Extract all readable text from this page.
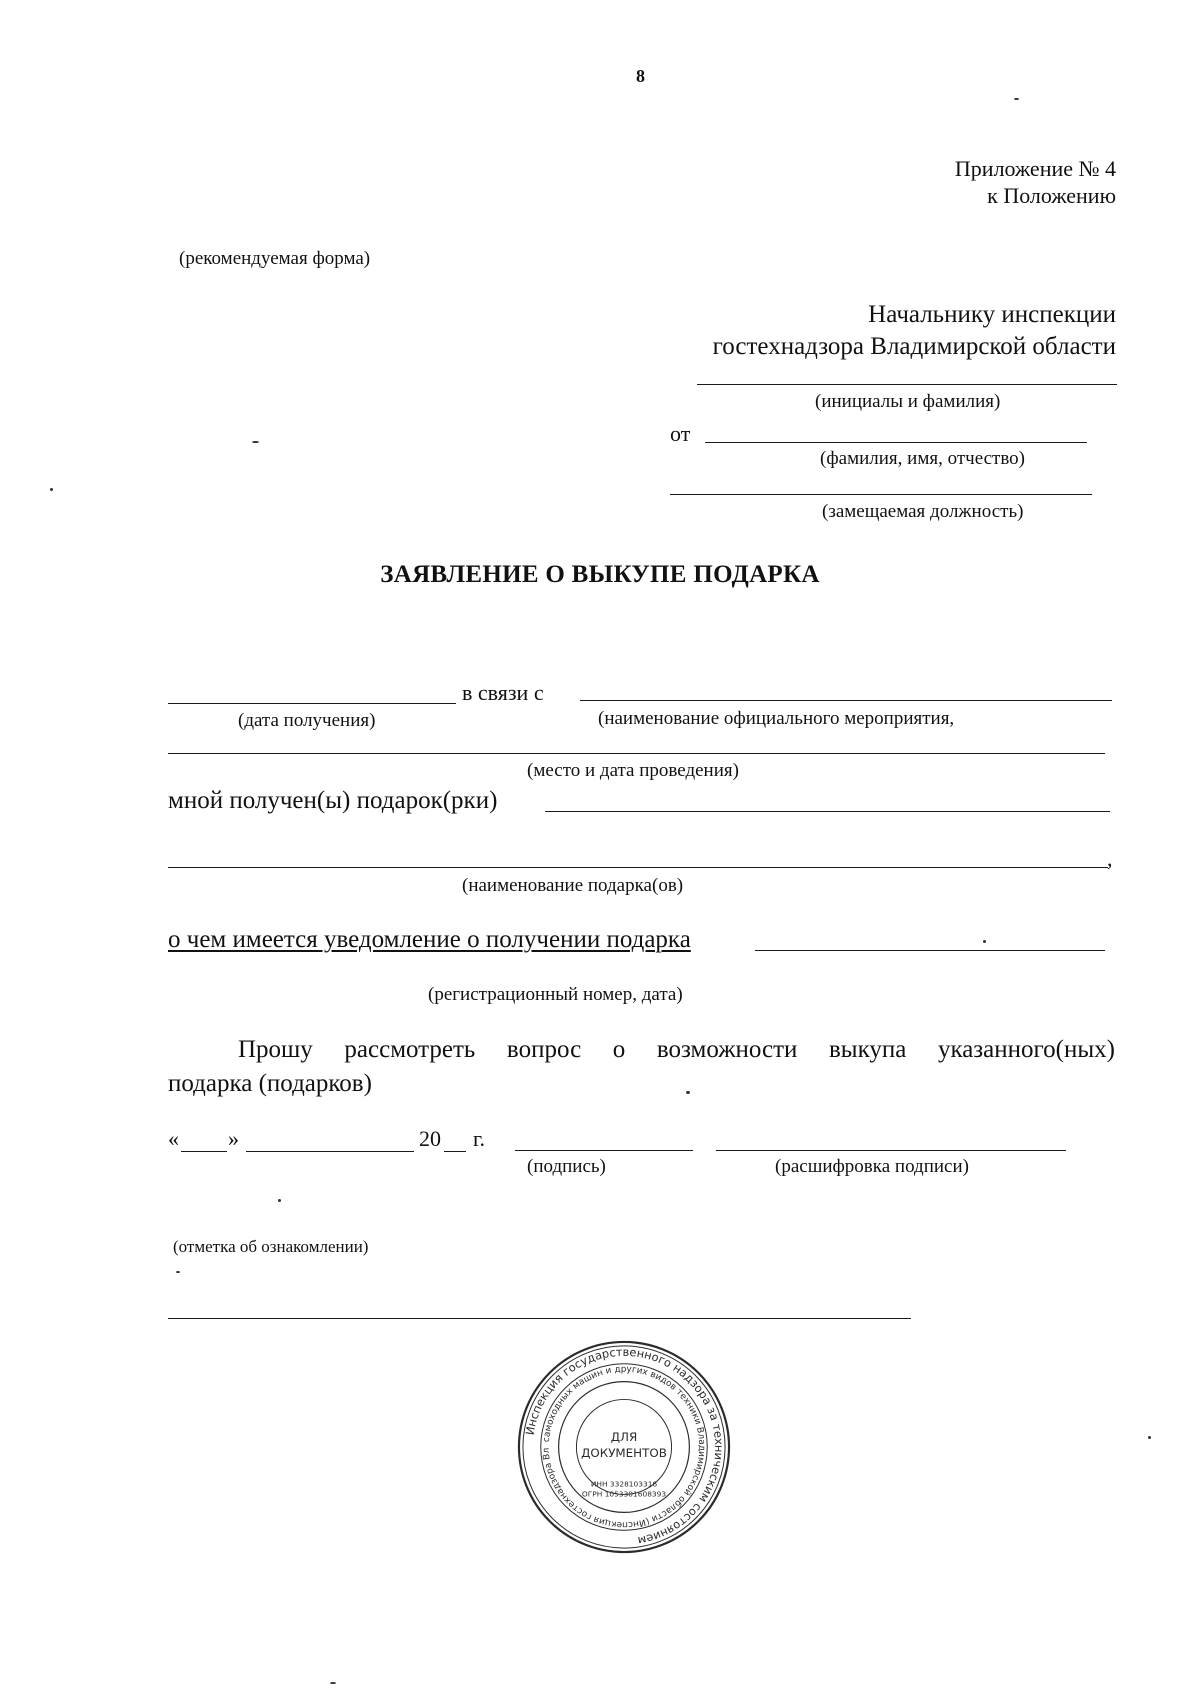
8
Приложение № 4
к Положению
(рекомендуемая форма)
Начальнику инспекции
гостехнадзора Владимирской области
(инициалы и фамилия)
от
(фамилия, имя, отчество)
(замещаемая должность)
ЗАЯВЛЕНИЕ О ВЫКУПЕ ПОДАРКА
в связи с
(дата получения)	(наименование официального мероприятия,
(место и дата проведения)
мной получен(ы) подарок(рки)
,
(наименование подарка(ов)
о чем имеется уведомление о получении подарка
(регистрационный номер, дата)
Прошу рассмотреть вопрос о возможности выкупа указанного(ных)
подарка (подарков)
« »	20 г.
(подпись)	(расшифровка подписи)
(отметка об ознакомлении)
Инспекция государственного надзора за техническим состоянием
самоходных машин и других видов техники Владимирской области (Инспекция гостехнадзора Вл
ДЛЯ
ДОКУМЕНТОВ
ИНН 3328103316
ОГРН 1053301608393
